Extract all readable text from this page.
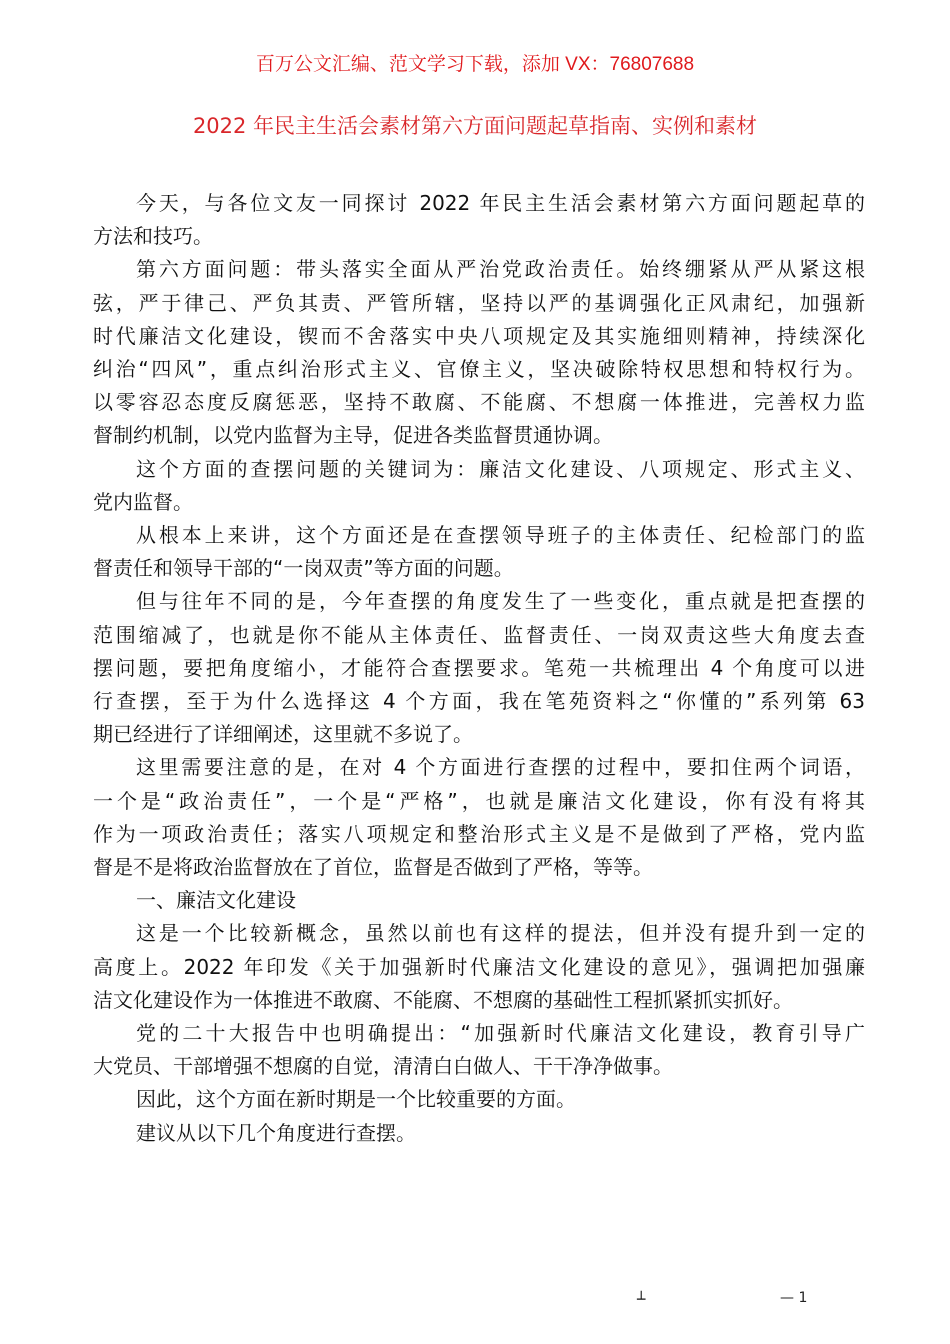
百万公文汇编、范文学习下载，添加 VX：76807688
2022 年民主生活会素材第六方面问题起草指南、实例和素材
今天，与各位文友一同探讨 2022 年民主生活会素材第六方面问题起草的
方法和技巧。
第六方面问题：带头落实全面从严治党政治责任。始终绷紧从严从紧这根
弦，严于律己、严负其责、严管所辖，坚持以严的基调强化正风肃纪，加强新
时代廉洁文化建设，锲而不舍落实中央八项规定及其实施细则精神，持续深化
纠治“四风”，重点纠治形式主义、官僚主义，坚决破除特权思想和特权行为。
以零容忍态度反腐惩恶，坚持不敢腐、不能腐、不想腐一体推进，完善权力监
督制约机制，以党内监督为主导，促进各类监督贯通协调。
这个方面的查摆问题的关键词为：廉洁文化建设、八项规定、形式主义、
党内监督。
从根本上来讲，这个方面还是在查摆领导班子的主体责任、纪检部门的监
督责任和领导干部的“一岗双责”等方面的问题。
但与往年不同的是，今年查摆的角度发生了一些变化，重点就是把查摆的
范围缩减了，也就是你不能从主体责任、监督责任、一岗双责这些大角度去查
摆问题，要把角度缩小，才能符合查摆要求。笔苑一共梳理出 4 个角度可以进
行查摆，至于为什么选择这 4 个方面，我在笔苑资料之“你懂的”系列第 63
期已经进行了详细阐述，这里就不多说了。
这里需要注意的是，在对 4 个方面进行查摆的过程中，要扣住两个词语，
一个是“政治责任”，一个是“严格”，也就是廉洁文化建设，你有没有将其
作为一项政治责任；落实八项规定和整治形式主义是不是做到了严格，党内监
督是不是将政治监督放在了首位，监督是否做到了严格，等等。
一、廉洁文化建设
这是一个比较新概念，虽然以前也有这样的提法，但并没有提升到一定的
高度上。2022 年印发《关于加强新时代廉洁文化建设的意见》，强调把加强廉
洁文化建设作为一体推进不敢腐、不能腐、不想腐的基础性工程抓紧抓实抓好。
党的二十大报告中也明确提出：“加强新时代廉洁文化建设，教育引导广
大党员、干部增强不想腐的自觉，清清白白做人、干干净净做事。
因此，这个方面在新时期是一个比较重要的方面。
建议从以下几个角度进行查摆。
┴	— 1
